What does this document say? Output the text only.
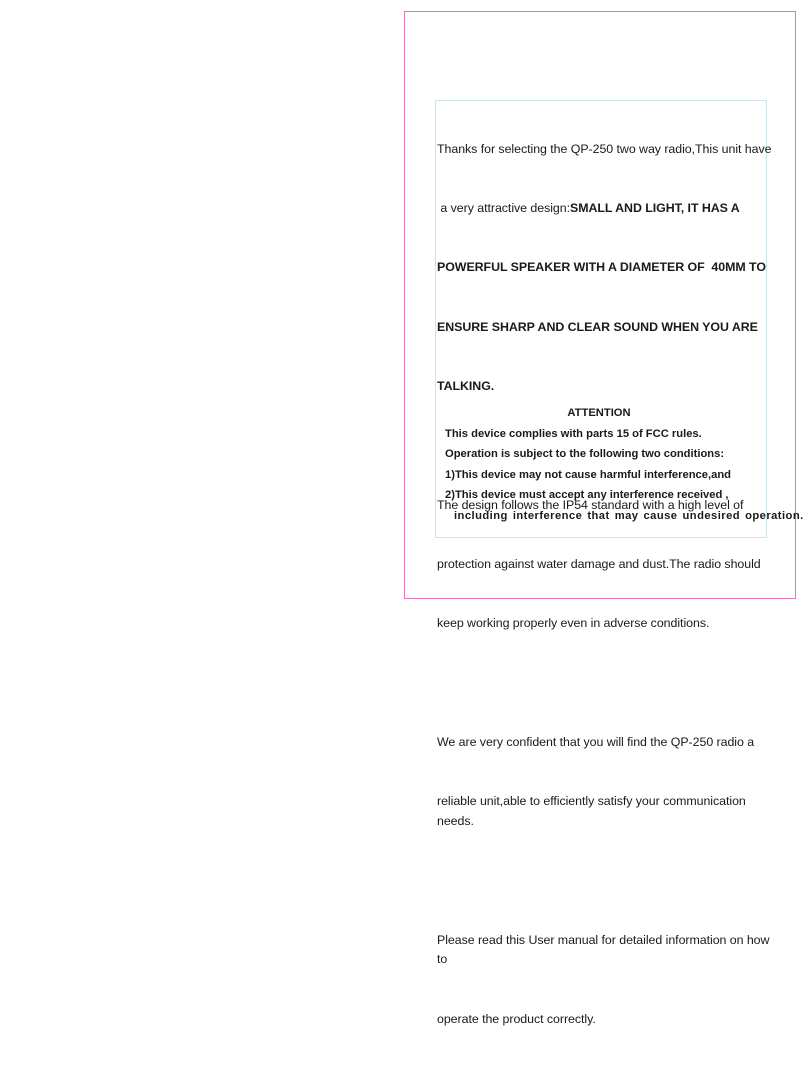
Thanks for selecting the QP-250 two way radio,This unit have

a very attractive design:SMALL AND LIGHT, IT HAS A

POWERFUL SPEAKER WITH A DIAMETER OF  40MM TO

ENSURE SHARP AND CLEAR SOUND WHEN YOU ARE

TALKING.

The design follows the IP54 standard with a high level of

protection against water damage and dust.The radio should

keep working properly even in adverse conditions.

We are very confident that you will find the QP-250 radio a

reliable unit,able to efficiently satisfy your communication needs.

Please read this User manual for detailed information on how to

operate the product correctly.

ATTENTION
This device complies with parts 15 of FCC rules.
Operation is subject to the following two conditions:
1)This device may not cause harmful interference,and
2)This device must accept any interference received ,
including interference that may cause undesired operation.
